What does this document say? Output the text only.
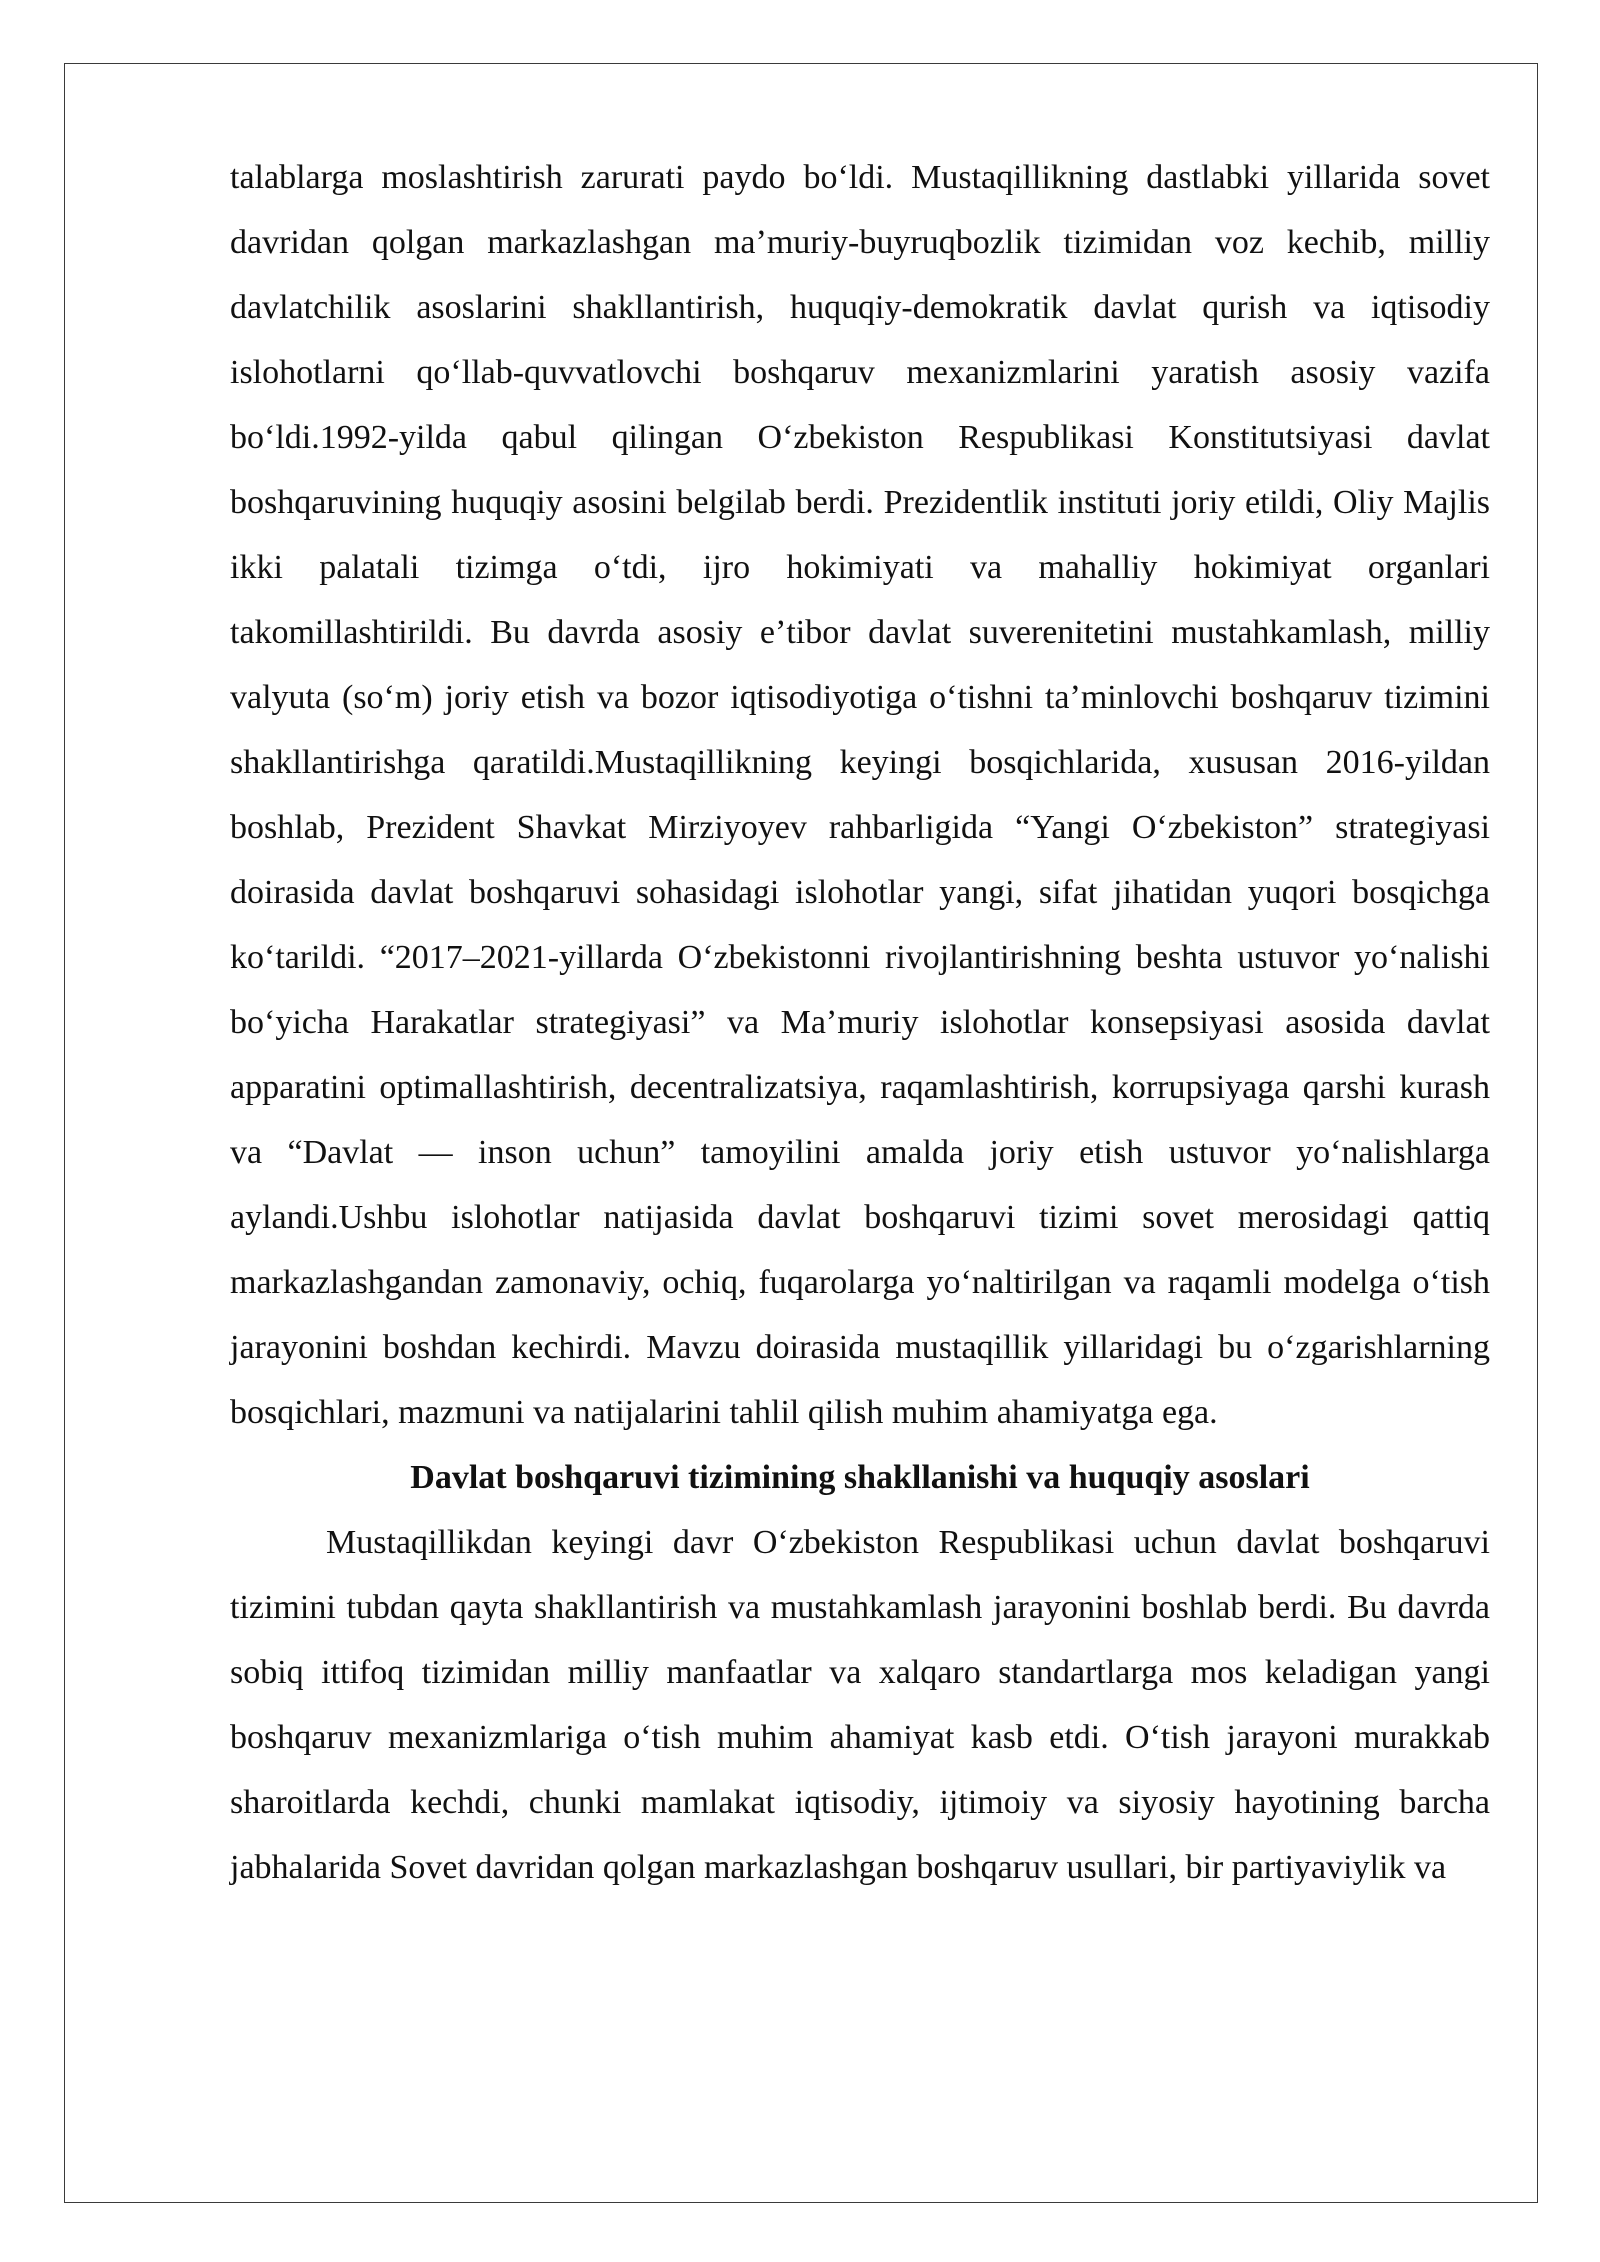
talablarga moslashtirish zarurati paydo boʻldi. Mustaqillikning dastlabki yillarida sovet davridan qolgan markazlashgan maʼmuriy-buyruqbozlik tizimidan voz kechib, milliy davlatchilik asoslarini shakllantirish, huquqiy-demokratik davlat qurish va iqtisodiy islohotlarni qoʻllab-quvvatlovchi boshqaruv mexanizmlarini yaratish asosiy vazifa boʻldi.1992-yilda qabul qilingan Oʻzbekiston Respublikasi Konstitutsiyasi davlat boshqaruvining huquqiy asosini belgilab berdi. Prezidentlik instituti joriy etildi, Oliy Majlis ikki palatali tizimga oʻtdi, ijro hokimiyati va mahalliy hokimiyat organlari takomillashtirildi. Bu davrda asosiy eʼtibor davlat suverenitetini mustahkamlash, milliy valyuta (soʻm) joriy etish va bozor iqtisodiyotiga oʻtishni taʼminlovchi boshqaruv tizimini shakllantirishga qaratildi.Mustaqillikning keyingi bosqichlarida, xususan 2016-yildan boshlab, Prezident Shavkat Mirziyoyev rahbarligida “Yangi Oʻzbekiston” strategiyasi doirasida davlat boshqaruvi sohasidagi islohotlar yangi, sifat jihatidan yuqori bosqichga koʻtarildi. “2017–2021-yillarda Oʻzbekistonni rivojlantirishning beshta ustuvor yoʻnalishi boʻyicha Harakatlar strategiyasi” va Maʼmuriy islohotlar konsepsiyasi asosida davlat apparatini optimallashtirish, decentralizatsiya, raqamlashtirish, korrupsiyaga qarshi kurash va “Davlat — inson uchun” tamoyilini amalda joriy etish ustuvor yoʻnalishlarga aylandi.Ushbu islohotlar natijasida davlat boshqaruvi tizimi sovet merosidagi qattiq markazlashgandan zamonaviy, ochiq, fuqarolarga yoʻnaltirilgan va raqamli modelga oʻtish jarayonini boshdan kechirdi. Mavzu doirasida mustaqillik yillaridagi bu oʻzgarishlarning bosqichlari, mazmuni va natijalarini tahlil qilish muhim ahamiyatga ega.

Davlat boshqaruvi tizimining shakllanishi va huquqiy asoslari

Mustaqillikdan keyingi davr Oʻzbekiston Respublikasi uchun davlat boshqaruvi tizimini tubdan qayta shakllantirish va mustahkamlash jarayonini boshlab berdi. Bu davrda sobiq ittifoq tizimidan milliy manfaatlar va xalqaro standartlarga mos keladigan yangi boshqaruv mexanizmlariga oʻtish muhim ahamiyat kasb etdi. Oʻtish jarayoni murakkab sharoitlarda kechdi, chunki mamlakat iqtisodiy, ijtimoiy va siyosiy hayotining barcha jabhalarida Sovet davridan qolgan markazlashgan boshqaruv usullari, bir partiyaviylik va
